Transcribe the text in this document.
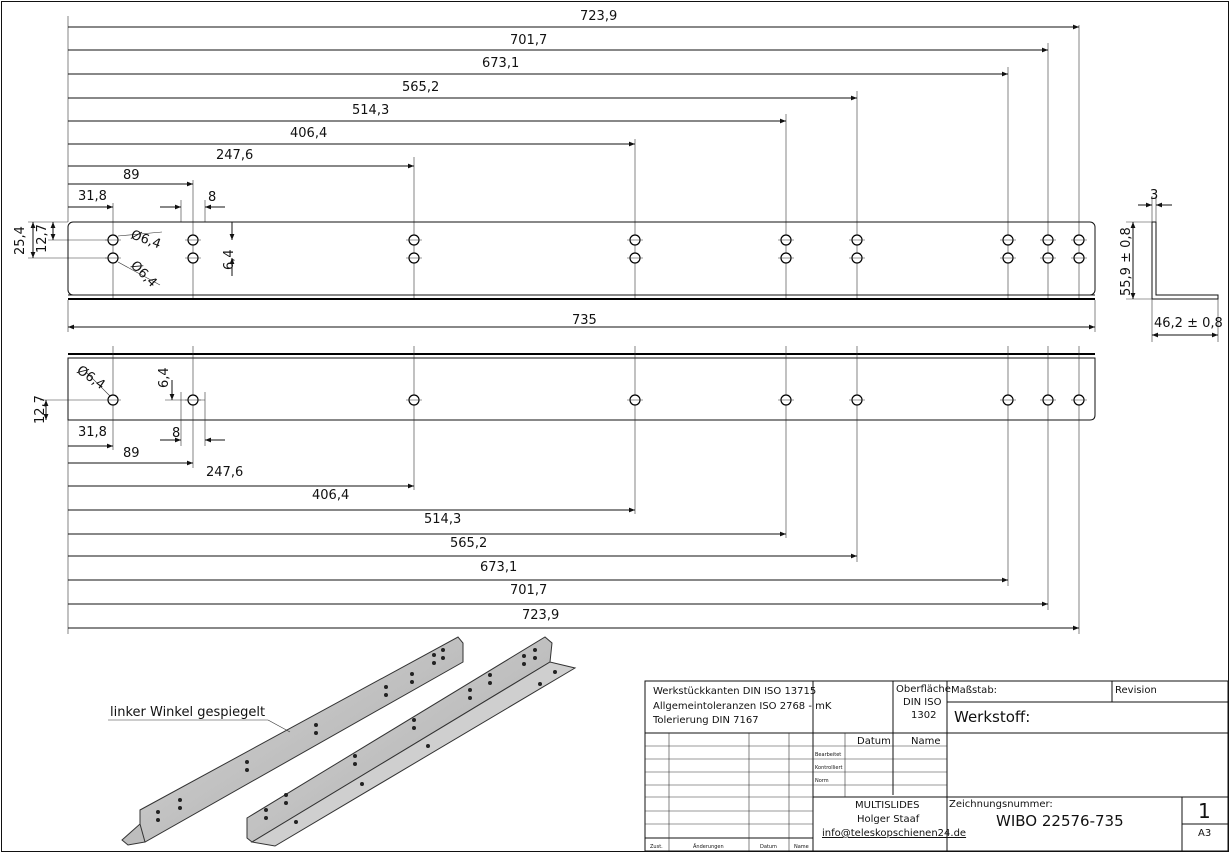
723,9
701,7
673,1
565,2
514,3
406,4
247,6
89
31,8	8
735
25,4 12,7
6,4
Ø6,4
Ø6,4
3
55,9 ± 0,8
46,2 ± 0,8
31,8	8
89
247,6
406,4
514,3
565,2
673,1
701,7
723,9
12,7
6,4
Ø6,4
linker Winkel gespiegelt
Werkstückkanten DIN ISO 13715
Allgemeintoleranzen ISO 2768 - mK
Tolerierung DIN 7167
Oberfläche
DIN ISO
1302
Maßstab:	Revision
Werkstoff:
Datum Name
Bearbeitet
Kontrolliert
Norm
MULTISLIDES
Holger Staaf
info@teleskopschienen24.de
Zeichnungsnummer:
WIBO 22576-735	1
A3
Zust.	Änderungen	Datum	Name
